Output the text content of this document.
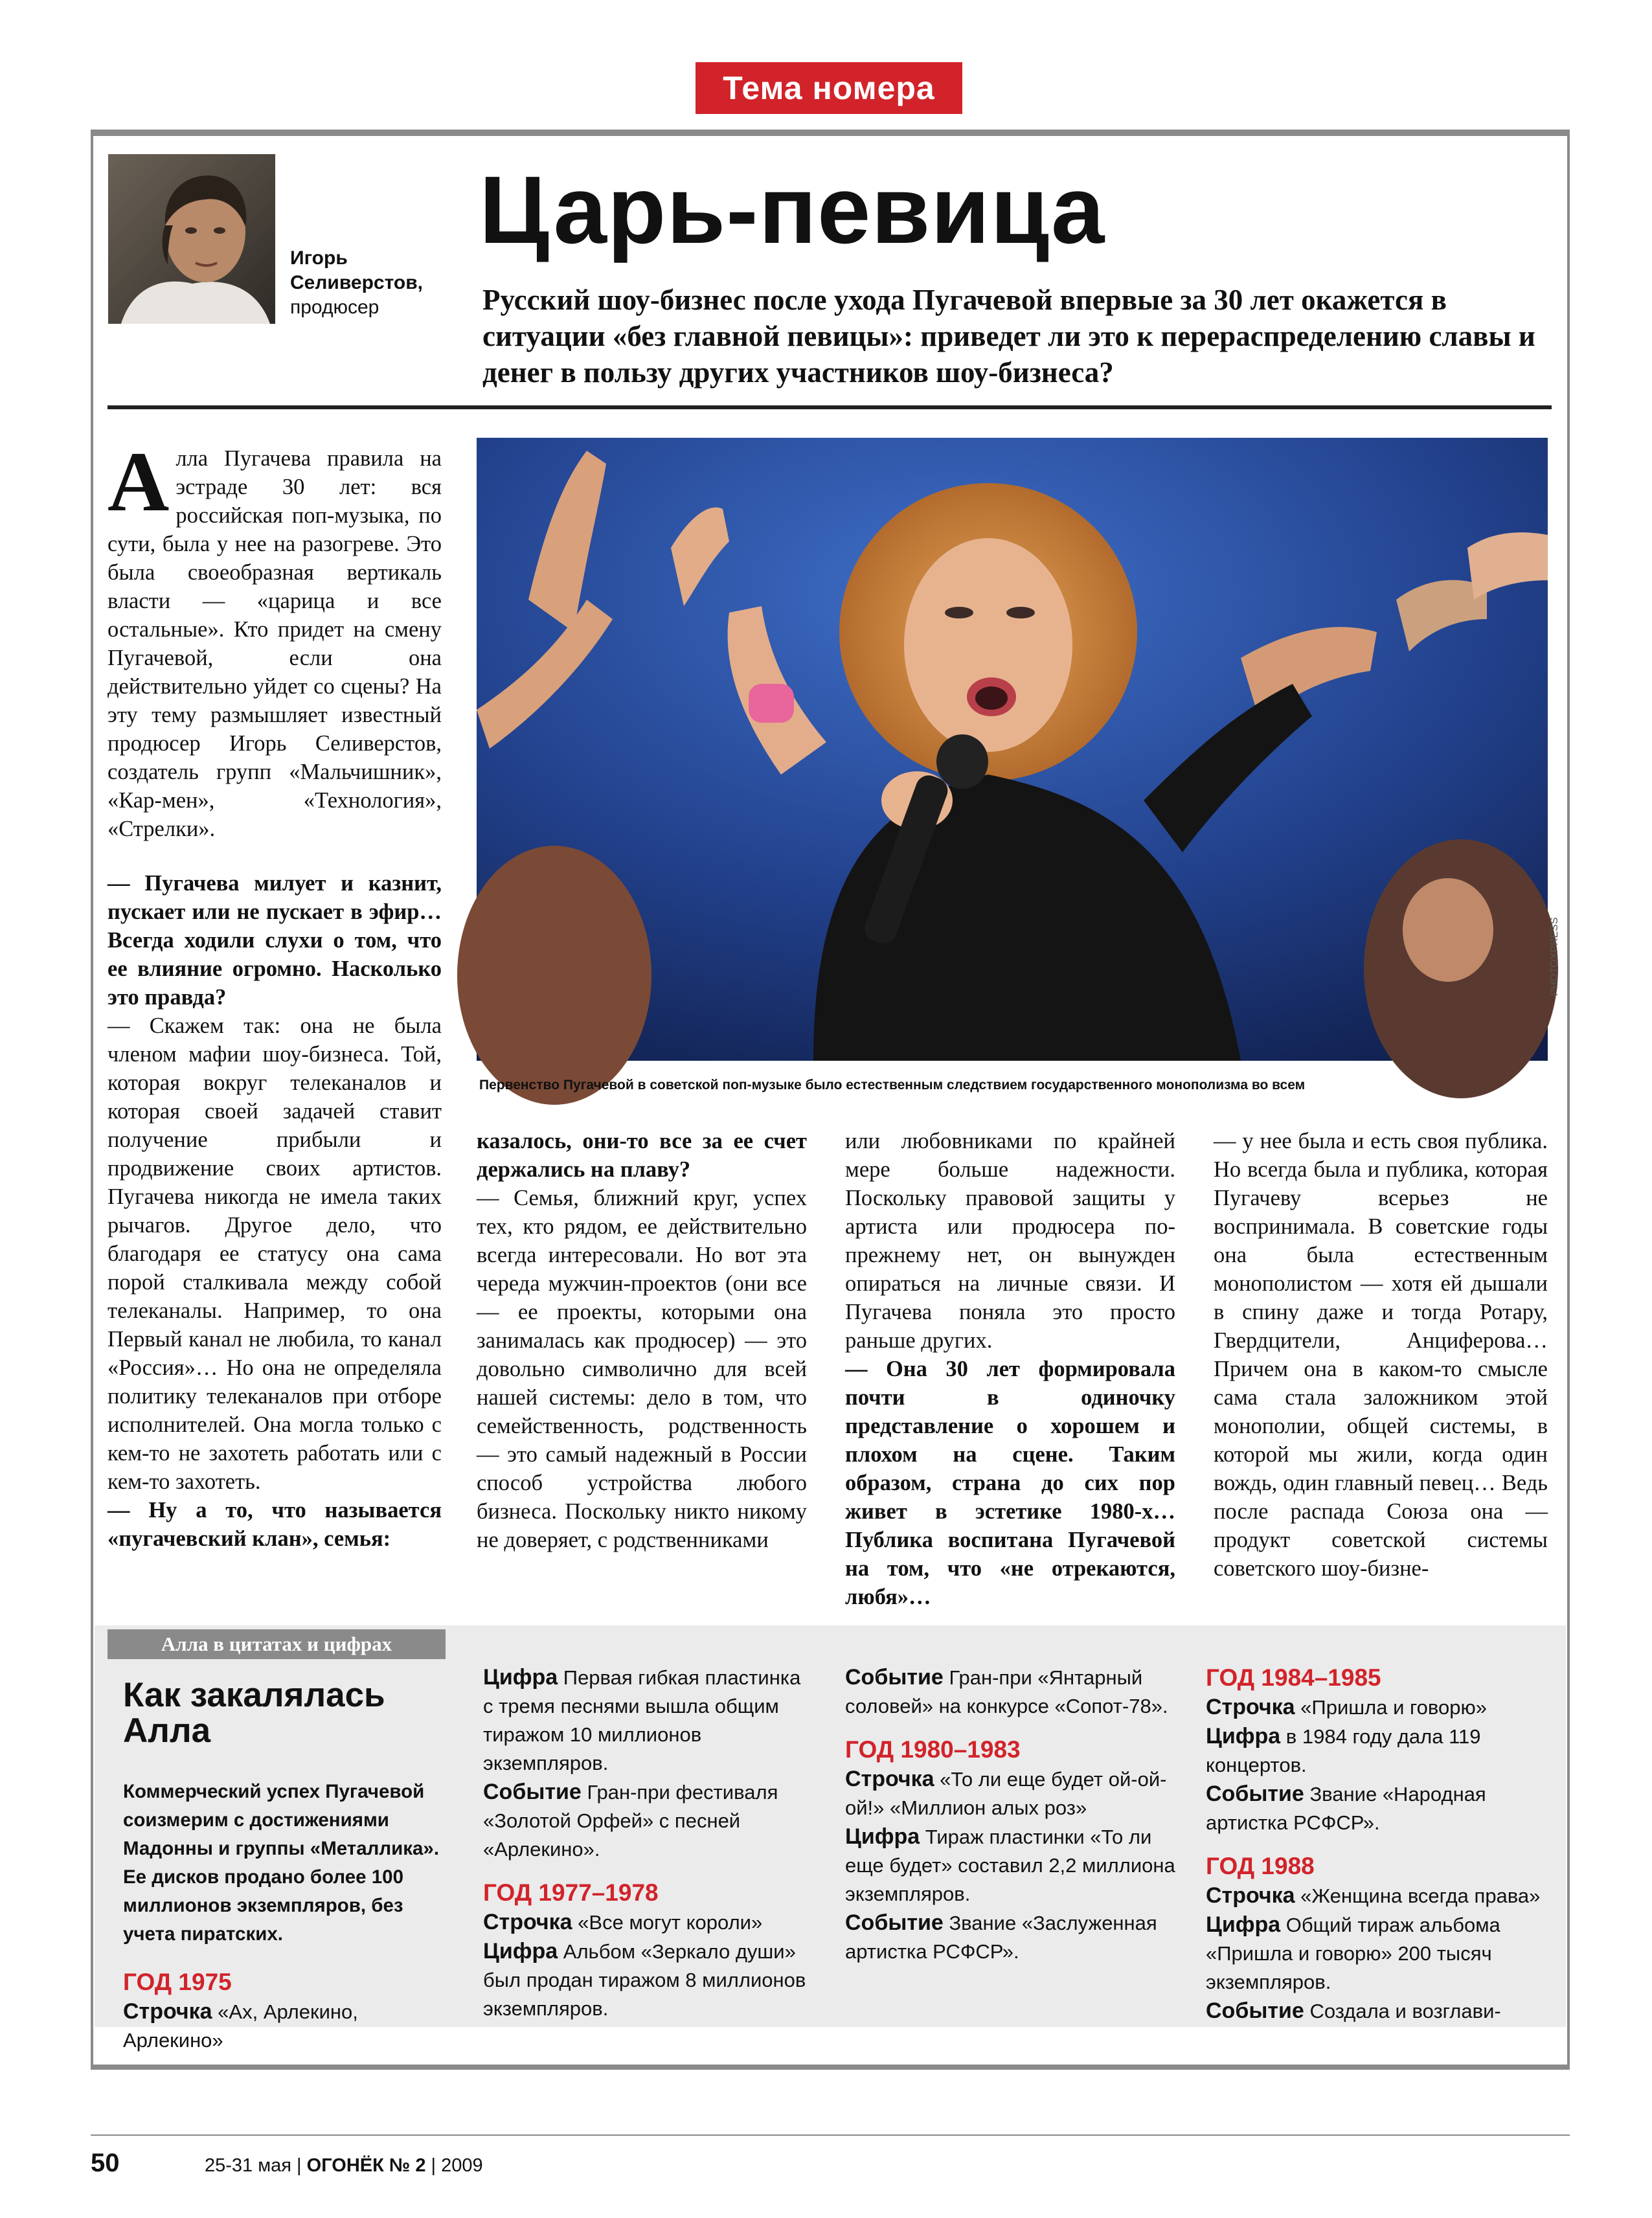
Тема номера
Игорь Селиверстов,
продюсер
Царь-певица
Русский шоу-бизнес после ухода Пугачевой впервые за 30 лет окажется в ситуации «без главной певицы»: приведет ли это к перераспределению славы и денег в пользу других участников шоу-бизнеса?

А лла Пугачева правила на эстраде 30 лет: вся российская поп-музыка, по сути, была у нее на разогреве. Это была своеобразная вертикаль власти — «царица и все остальные». Кто придет на смену Пугачевой, если она действительно уйдет со сцены? На эту тему размышляет известный продюсер Игорь Селиверстов, создатель групп «Мальчишник», «Кар-мен», «Технология», «Стрелки».

— Пугачева милует и казнит, пускает или не пускает в эфир… Всегда ходили слухи о том, что ее влияние огромно. Насколько это правда?

— Скажем так: она не была членом мафии шоу-бизнеса. Той, которая вокруг телеканалов и которая своей задачей ставит получение прибыли и продвижение своих артистов. Пугачева никогда не имела таких рычагов. Другое дело, что благодаря ее статусу она сама порой сталкивала между собой телеканалы. Например, то она Первый канал не любила, то канал «Россия»… Но она не определяла политику телеканалов при отборе исполнителей. Она могла только с кем-то не захотеть работать или с кем-то захотеть.

— Ну а то, что называется «пугачевский клан», семья:

PHOTOXPRESS
Первенство Пугачевой в советской поп-музыке было естественным следствием государственного монополизма во всем

казалось, они-то все за ее счет держались на плаву?

— Семья, ближний круг, успех тех, кто рядом, ее действительно всегда интересовали. Но вот эта череда мужчин-проектов (они все — ее проекты, которыми она занималась как продюсер) — это довольно символично для всей нашей системы: дело в том, что семейственность, родственность — это самый надежный в России способ устройства любого бизнеса. Поскольку никто никому не доверяет, с родственниками

или любовниками по крайней мере больше надежности. Поскольку правовой защиты у артиста или продюсера по-прежнему нет, он вынужден опираться на личные связи. И Пугачева поняла это просто раньше других.

— Она 30 лет формировала почти в одиночку представление о хорошем и плохом на сцене. Таким образом, страна до сих пор живет в эстетике 1980-х… Публика воспитана Пугачевой на том, что «не отрекаются, любя»…

— у нее была и есть своя публика. Но всегда была и публика, которая Пугачеву всерьез не воспринимала. В советские годы она была естественным монополистом — хотя ей дышали в спину даже и тогда Ротару, Гвердцители, Анциферова… Причем она в каком-то смысле сама стала заложником этой монополии, общей системы, в которой мы жили, когда один вождь, один главный певец… Ведь после распада Союза она — продукт советской системы советского шоу-бизне-

Алла в цитатах и цифрах
Как закалялась Алла
Коммерческий успех Пугачевой соизмерим с достижениями Мадонны и группы «Металлика». Ее дисков продано более 100 миллионов экземпляров, без учета пиратских.

ГОД 1975

Строчка «Ах, Арлекино, Арлекино»

Цифра Первая гибкая пластинка с тремя песнями вышла общим тиражом 10 миллионов экземпляров.

Событие Гран-при фестиваля «Золотой Орфей» с песней «Арлекино».

ГОД 1977–1978

Строчка «Все могут короли»

Цифра Альбом «Зеркало души» был продан тиражом 8 миллионов экземпляров.

Событие Гран-при «Янтарный соловей» на конкурсе «Сопот-78».

ГОД 1980–1983

Строчка «То ли еще будет ой-ой-ой!» «Миллион алых роз»

Цифра Тираж пластинки «То ли еще будет» составил 2,2 миллиона экземпляров.

Событие Звание «Заслуженная артистка РСФСР».

ГОД 1984–1985

Строчка «Пришла и говорю»

Цифра в 1984 году дала 119 концертов.

Событие Звание «Народная артистка РСФСР».

ГОД 1988

Строчка «Женщина всегда права»

Цифра Общий тираж альбома «Пришла и говорю» 200 тысяч экземпляров.

Событие Создала и возглави-

50	25-31 мая | ОГОНЁК № 2 | 2009
